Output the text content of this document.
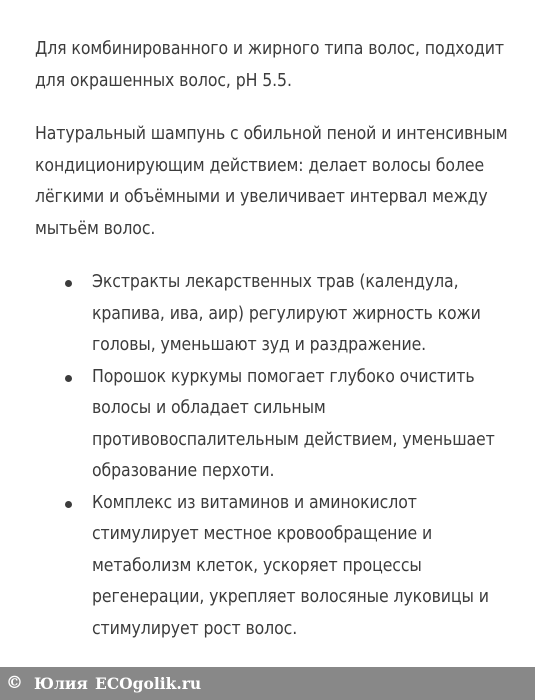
Для комбинированного и жирного типа волос, подходит для окрашенных волос, pH 5.5.

Натуральный шампунь с обильной пеной и интенсивным кондиционирующим действием: делает волосы более лёгкими и объёмными и увеличивает интервал между мытьём волос.

Экстракты лекарственных трав (календула, крапива, ива, аир) регулируют жирность кожи головы, уменьшают зуд и раздражение.
Порошок куркумы помогает глубоко очистить волосы и обладает сильным противовоспалительным действием, уменьшает образование перхоти.
Комплекс из витаминов и аминокислот стимулирует местное кровообращение и метаболизм клеток, ускоряет процессы регенерации, укрепляет волосяные луковицы и стимулирует рост волос.
© Юлия ECOgolik.ru
